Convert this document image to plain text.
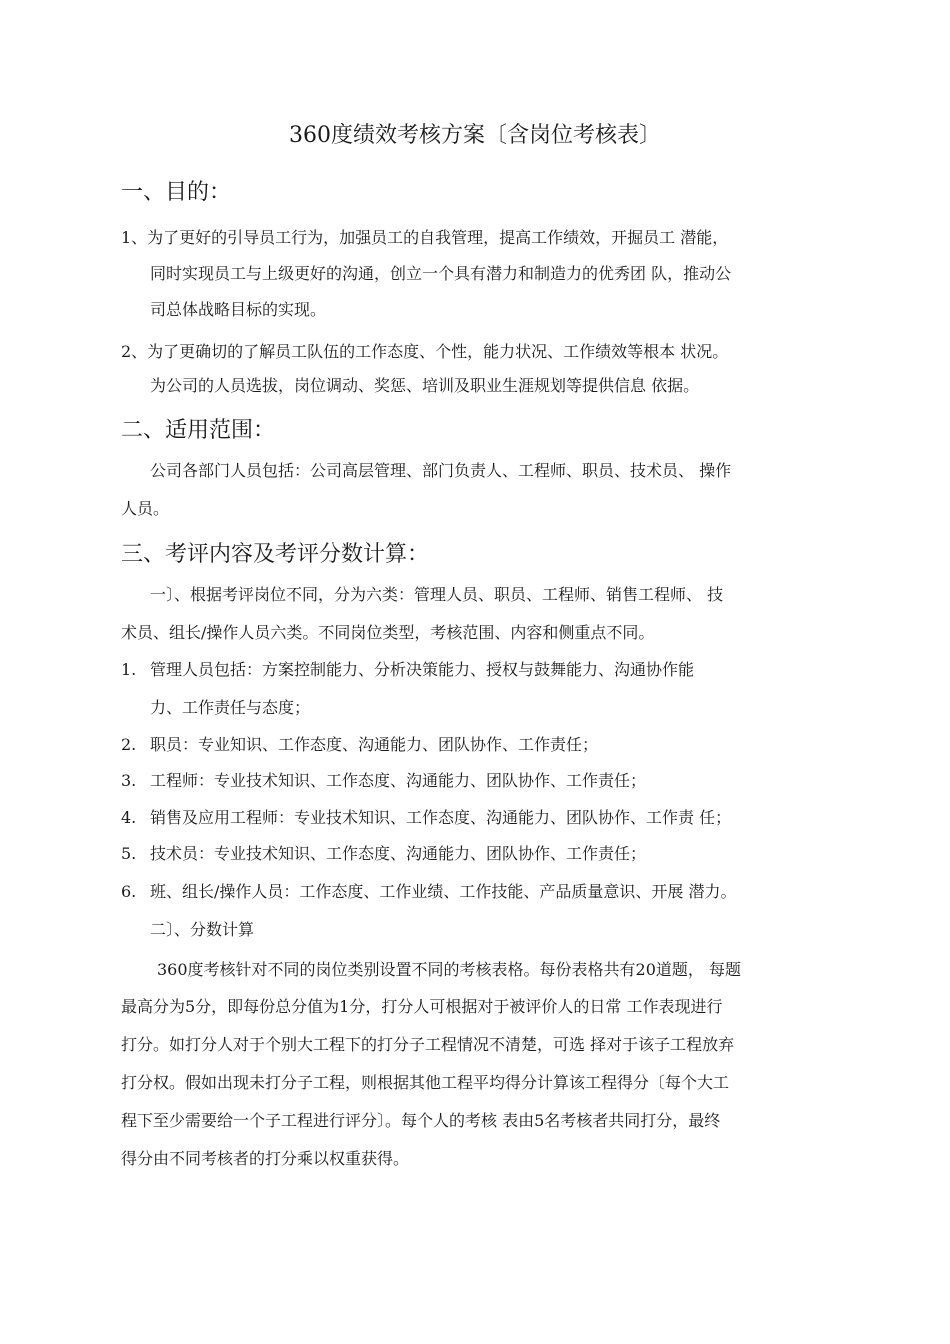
360度绩效考核方案〔含岗位考核表〕
一、目的：
1、为了更好的引导员工行为，加强员工的自我管理，提高工作绩效，开掘员工 潜能，
同时实现员工与上级更好的沟通，创立一个具有潜力和制造力的优秀团 队，推动公
司总体战略目标的实现。
2、为了更确切的了解员工队伍的工作态度、个性，能力状况、工作绩效等根本 状况。
为公司的人员选拔，岗位调动、奖惩、培训及职业生涯规划等提供信息 依据。
二、适用范围：
公司各部门人员包括：公司高层管理、部门负责人、工程师、职员、技术员、 操作
人员。
三、考评内容及考评分数计算：
一〕、根据考评岗位不同，分为六类：管理人员、职员、工程师、销售工程师、 技
术员、组长/操作人员六类。不同岗位类型，考核范围、内容和侧重点不同。
1. 管理人员包括：方案控制能力、分析决策能力、授权与鼓舞能力、沟通协作能
力、工作责任与态度；
2. 职员：专业知识、工作态度、沟通能力、团队协作、工作责任；
3. 工程师：专业技术知识、工作态度、沟通能力、团队协作、工作责任；
4. 销售及应用工程师：专业技术知识、工作态度、沟通能力、团队协作、工作责 任；
5. 技术员：专业技术知识、工作态度、沟通能力、团队协作、工作责任；
6. 班、组长/操作人员：工作态度、工作业绩、工作技能、产品质量意识、开展 潜力。
二〕、分数计算
360度考核针对不同的岗位类别设置不同的考核表格。每份表格共有20道题， 每题
最高分为5分，即每份总分值为1分，打分人可根据对于被评价人的日常 工作表现进行
打分。如打分人对于个别大工程下的打分子工程情况不清楚，可选 择对于该子工程放弃
打分权。假如出现未打分子工程，则根据其他工程平均得分计算该工程得分〔每个大工
程下至少需要给一个子工程进行评分〕。每个人的考核 表由5名考核者共同打分，最终
得分由不同考核者的打分乘以权重获得。
